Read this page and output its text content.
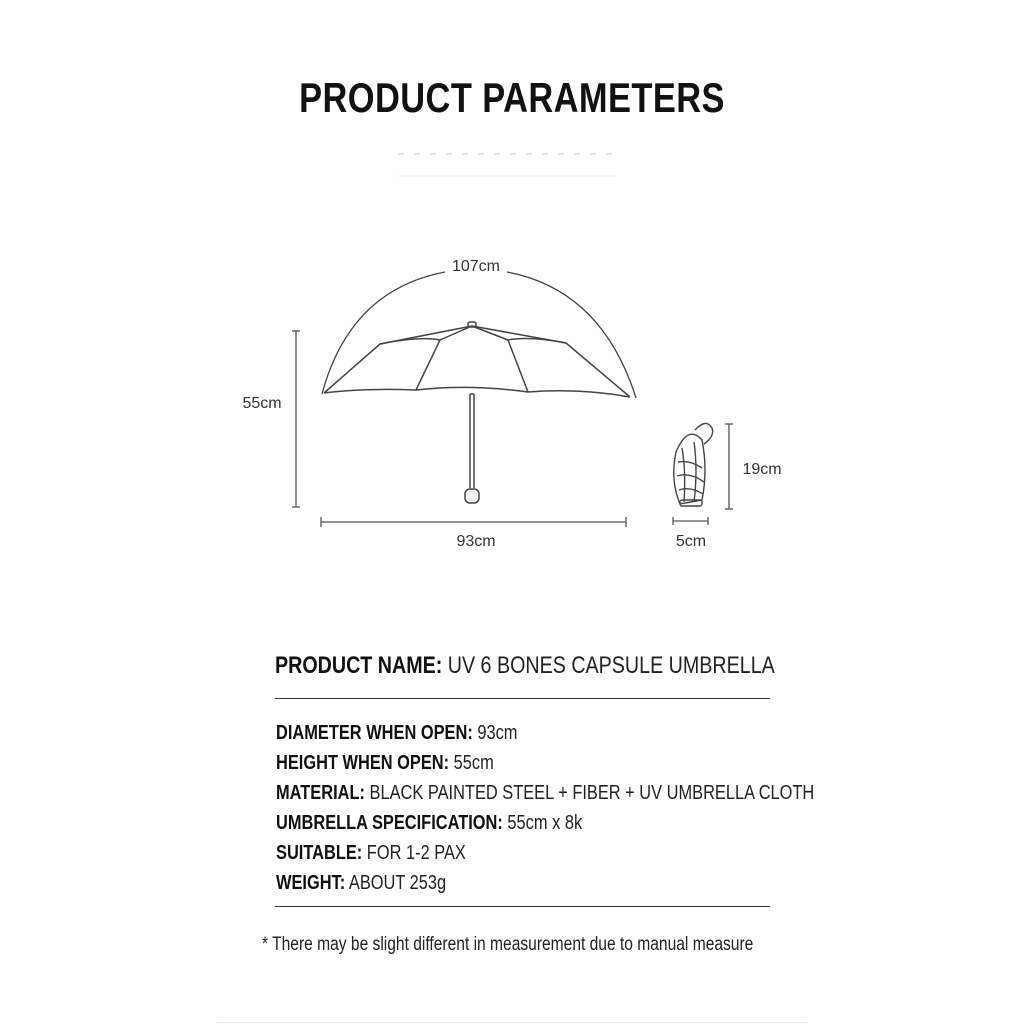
PRODUCT PARAMETERS
107cm
55cm
93cm
19cm
5cm
PRODUCT NAME: UV 6 BONES CAPSULE UMBRELLA
DIAMETER WHEN OPEN: 93cm
HEIGHT WHEN OPEN: 55cm
MATERIAL: BLACK PAINTED STEEL + FIBER + UV UMBRELLA CLOTH
UMBRELLA SPECIFICATION: 55cm x 8k
SUITABLE: FOR 1-2 PAX
WEIGHT: ABOUT 253g
* There may be slight different in measurement due to manual measure
